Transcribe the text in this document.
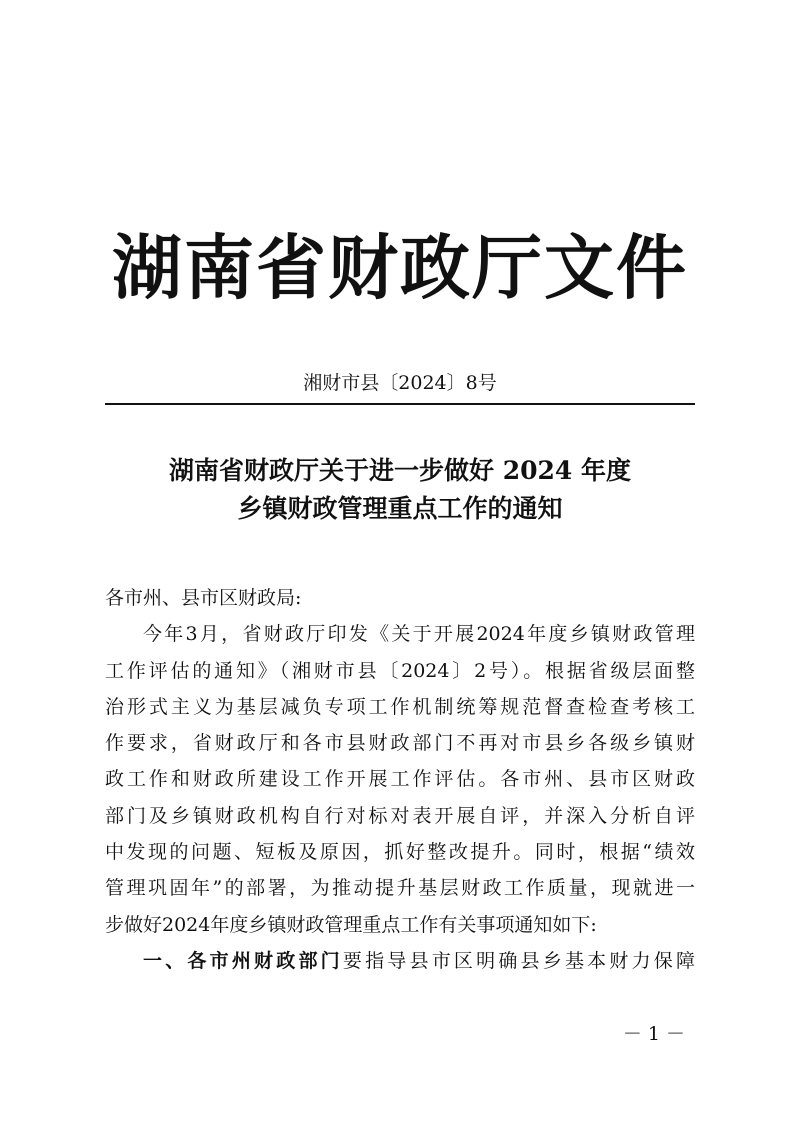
湖南省财政厅文件
湘财市县〔2024〕8号
湖南省财政厅关于进一步做好 2024 年度
乡镇财政管理重点工作的通知

各市州、县市区财政局:

今年3月，省财政厅印发《关于开展2024年度乡镇财政管理

工作评估的通知》（湘财市县〔2024〕2号）。根据省级层面整

治形式主义为基层减负专项工作机制统筹规范督查检查考核工

作要求，省财政厅和各市县财政部门不再对市县乡各级乡镇财

政工作和财政所建设工作开展工作评估。各市州、县市区财政

部门及乡镇财政机构自行对标对表开展自评，并深入分析自评

中发现的问题、短板及原因，抓好整改提升。同时，根据“绩效

管理巩固年”的部署，为推动提升基层财政工作质量，现就进一

步做好2024年度乡镇财政管理重点工作有关事项通知如下:

一、各市州财政部门要指导县市区明确县乡基本财力保障

－ 1 －
